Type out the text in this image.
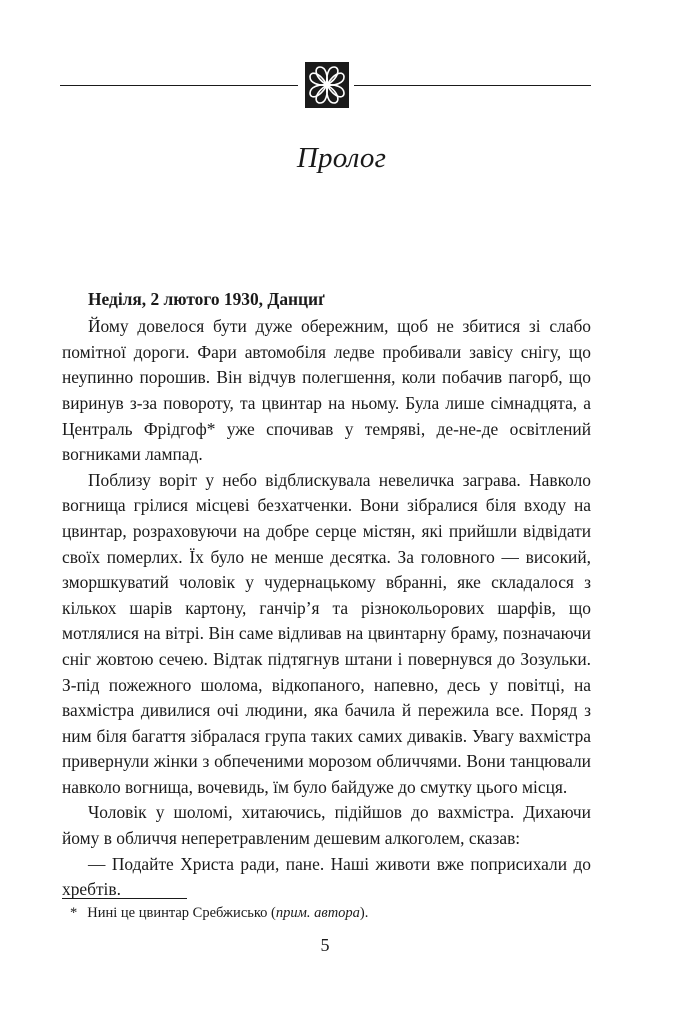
Пролог

Неділя, 2 лютого 1930, Данциґ

Йому довелося бути дуже обережним, щоб не збитися зі слабо помітної дороги. Фари автомобіля ледве пробивали завісу снігу, що неупинно порошив. Він відчув полегшення, коли побачив пагорб, що виринув з-за повороту, та цвинтар на ньому. Була лише сімнадцята, а Централь Фрідгоф* уже спочивав у темряві, де-не-де освітлений вогниками лампад.

Поблизу воріт у небо відблискувала невеличка заграва. Навколо вогнища грілися місцеві безхатченки. Вони зібралися біля входу на цвинтар, розраховуючи на добре серце містян, які прийшли відвідати своїх померлих. Їх було не менше десятка. За головного — високий, зморшкуватий чоловік у чудернацькому вбранні, яке складалося з кількох шарів картону, ганчір’я та різнокольорових шарфів, що мотлялися на вітрі. Він саме відливав на цвинтарну браму, позначаючи сніг жовтою сечею. Відтак підтягнув штани і повернувся до Зозульки. З-під пожежного шолома, відкопаного, напевно, десь у повітці, на вахмістра дивилися очі людини, яка бачила й пережила все. Поряд з ним біля багаття зібралася група таких самих диваків. Увагу вахмістра привернули жінки з обпеченими морозом обличчями. Вони танцювали навколо вогнища, вочевидь, їм було байдуже до смутку цього місця.

Чоловік у шоломі, хитаючись, підійшов до вахмістра. Дихаючи йому в обличчя неперетравленим дешевим алкоголем, сказав:

— Подайте Христа ради, пане. Наші животи вже поприсихали до хребтів.

* Нині це цвинтар Сребжисько (прим. автора).
5
